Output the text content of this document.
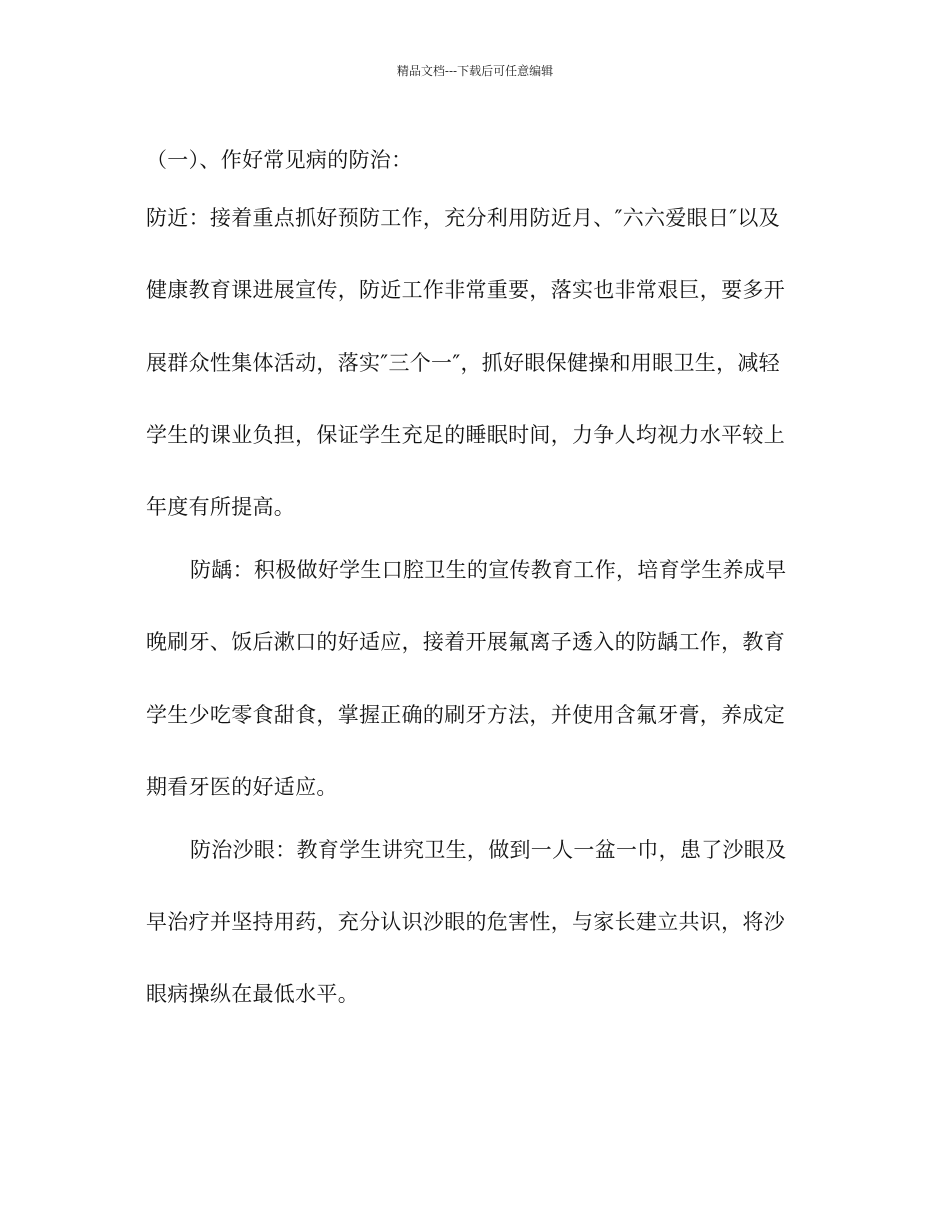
精品文档---下载后可任意编辑
（一）、作好常见病的防治：
防近：接着重点抓好预防工作，充分利用防近月、″六六爱眼日″以及
健康教育课进展宣传，防近工作非常重要，落实也非常艰巨，要多开
展群众性集体活动，落实″三个一″，抓好眼保健操和用眼卫生，减轻
学生的课业负担，保证学生充足的睡眠时间，力争人均视力水平较上
年度有所提高。
防龋：积极做好学生口腔卫生的宣传教育工作，培育学生养成早
晚刷牙、饭后漱口的好适应，接着开展氟离子透入的防龋工作，教育
学生少吃零食甜食，掌握正确的刷牙方法，并使用含氟牙膏，养成定
期看牙医的好适应。
防治沙眼：教育学生讲究卫生，做到一人一盆一巾，患了沙眼及
早治疗并坚持用药，充分认识沙眼的危害性，与家长建立共识，将沙
眼病操纵在最低水平。
